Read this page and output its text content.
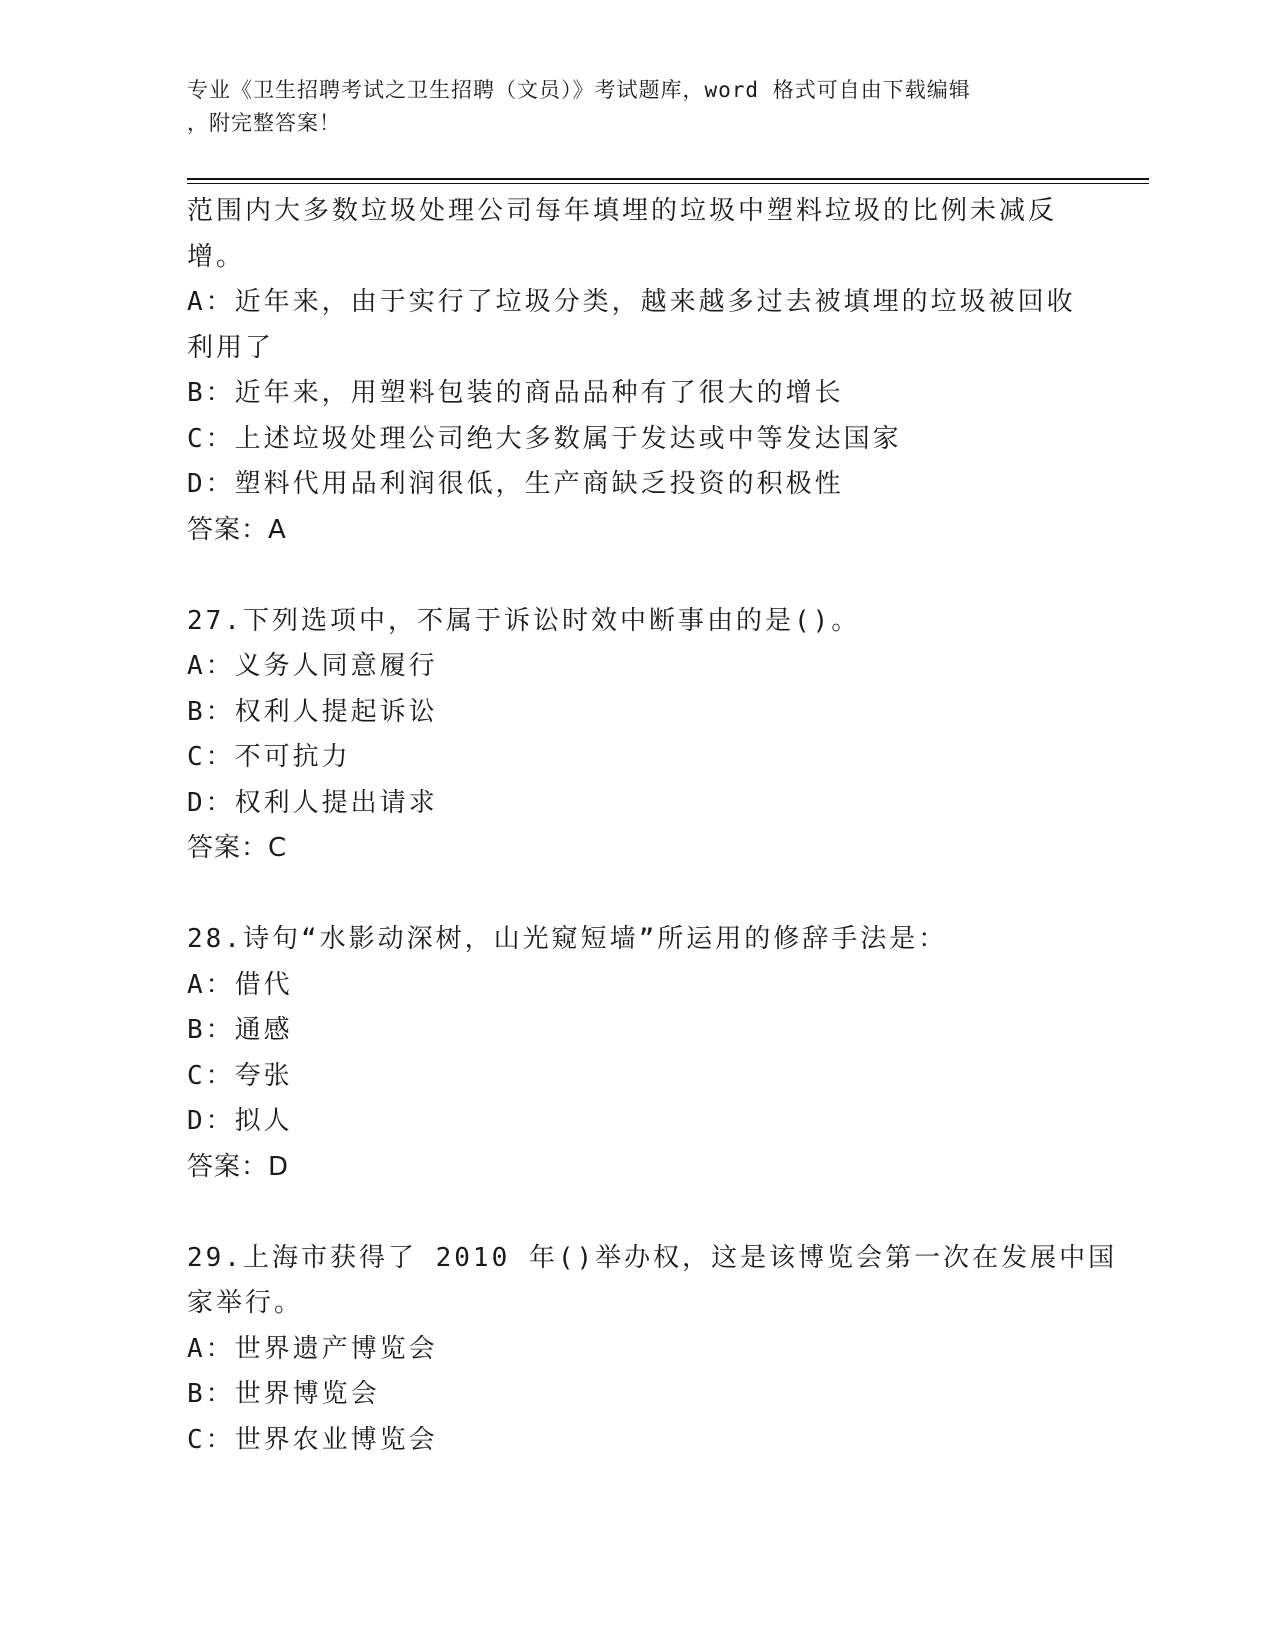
专业《卫生招聘考试之卫生招聘（文员）》考试题库，word 格式可自由下载编辑
，附完整答案！
范围内大多数垃圾处理公司每年填埋的垃圾中塑料垃圾的比例未减反
增。
A：近年来，由于实行了垃圾分类，越来越多过去被填埋的垃圾被回收
利用了
B：近年来，用塑料包装的商品品种有了很大的增长
C：上述垃圾处理公司绝大多数属于发达或中等发达国家
D：塑料代用品利润很低，生产商缺乏投资的积极性
答案：A
27.下列选项中，不属于诉讼时效中断事由的是()。
A：义务人同意履行
B：权利人提起诉讼
C：不可抗力
D：权利人提出请求
答案：C
28.诗句“水影动深树，山光窥短墙”所运用的修辞手法是：
A：借代
B：通感
C：夸张
D：拟人
答案：D
29.上海市获得了 2010 年()举办权，这是该博览会第一次在发展中国
家举行。
A：世界遗产博览会
B：世界博览会
C：世界农业博览会
